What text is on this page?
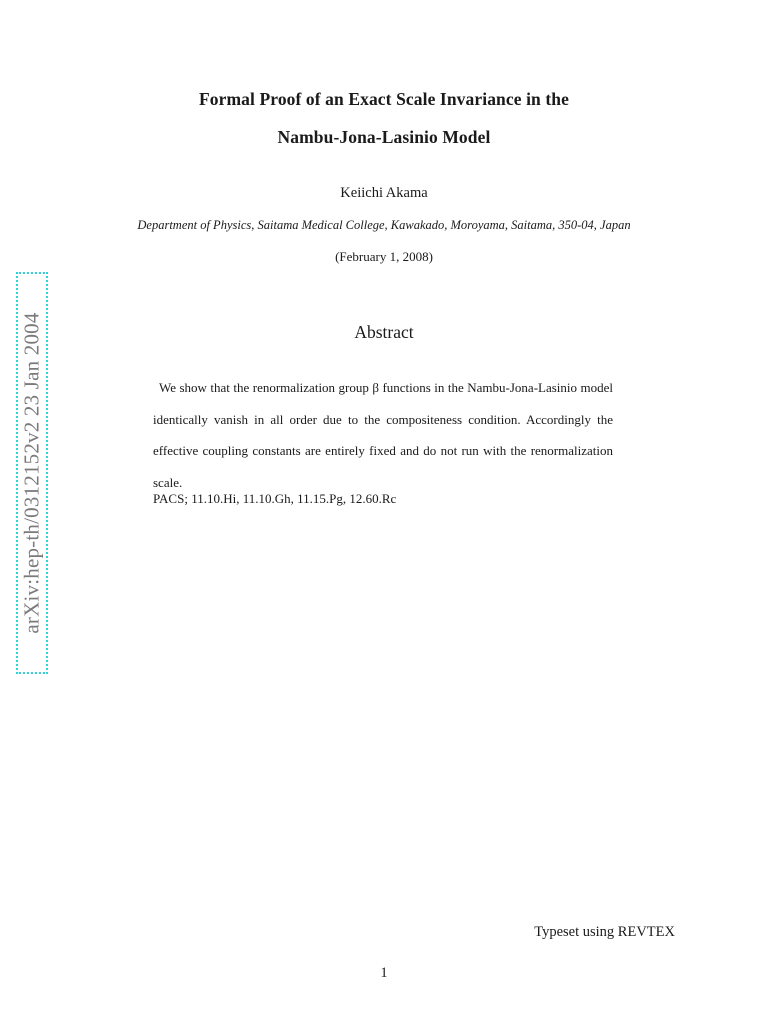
arXiv:hep-th/0312152v2 23 Jan 2004
Formal Proof of an Exact Scale Invariance in the
Nambu-Jona-Lasinio Model
Keiichi Akama
Department of Physics, Saitama Medical College, Kawakado, Moroyama, Saitama, 350-04, Japan
(February 1, 2008)
Abstract
We show that the renormalization group β functions in the Nambu-Jona-Lasinio model identically vanish in all order due to the compositeness condition. Accordingly the effective coupling constants are entirely fixed and do not run with the renormalization scale.
PACS; 11.10.Hi, 11.10.Gh, 11.15.Pg, 12.60.Rc
Typeset using REVTEX
1
